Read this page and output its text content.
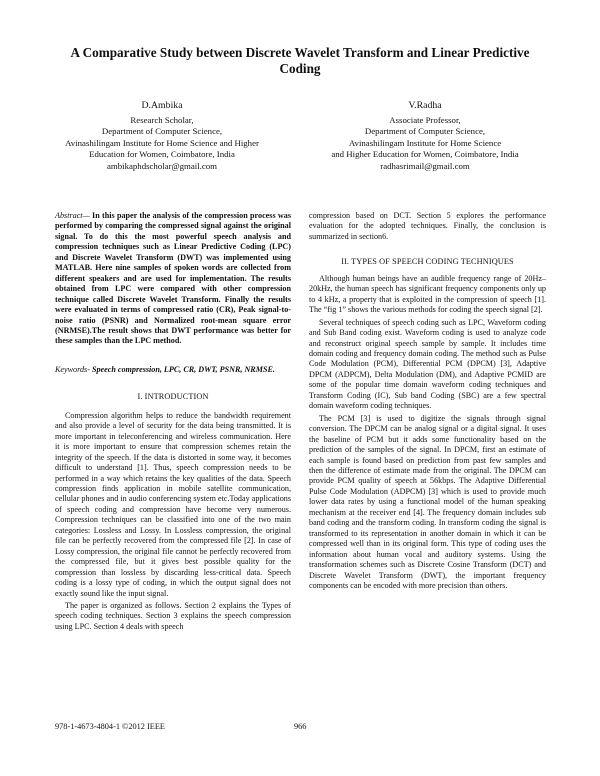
A Comparative Study between Discrete Wavelet Transform and Linear Predictive Coding
D.Ambika
Research Scholar,
Department of Computer Science,
Avinashilingam Institute for Home Science and Higher
Education for Women, Coimbatore, India
ambikaphdscholar@gmail.com
V.Radha
Associate Professor,
Department of Computer Science,
Avinashilingam Institute for Home Science
and Higher Education for Women, Coimbatore, India
radhasrimail@gmail.com

Abstract— In this paper the analysis of the compression process was performed by comparing the compressed signal against the original signal. To do this the most powerful speech analysis and compression techniques such as Linear Predictive Coding (LPC) and Discrete Wavelet Transform (DWT) was implemented using MATLAB. Here nine samples of spoken words are collected from different speakers and are used for implementation. The results obtained from LPC were compared with other compression technique called Discrete Wavelet Transform. Finally the results were evaluated in terms of compressed ratio (CR), Peak signal-to-noise ratio (PSNR) and Normalized root-mean square error (NRMSE).The result shows that DWT performance was better for these samples than the LPC method.

Keywords- Speech compression, LPC, CR, DWT, PSNR, NRMSE.

I. INTRODUCTION

Compression algorithm helps to reduce the bandwidth requirement and also provide a level of security for the data being transmitted. It is more important in teleconferencing and wireless communication. Here it is more important to ensure that compression schemes retain the integrity of the speech. If the data is distorted in some way, it becomes difficult to understand [1]. Thus, speech compression needs to be performed in a way which retains the key qualities of the data. Speech compression finds application in mobile satellite communication, cellular phones and in audio conferencing system etc.Today applications of speech coding and compression have become very numerous. Compression techniques can be classified into one of the two main categories: Lossless and Lossy. In Lossless compression, the original file can be perfectly recovered from the compressed file [2]. In case of Lossy compression, the original file cannot be perfectly recovered from the compressed file, but it gives best possible quality for the compression than lossless by discarding less-critical data. Speech coding is a lossy type of coding, in which the output signal does not exactly sound like the input signal.

The paper is organized as follows. Section 2 explains the Types of speech coding techniques. Section 3 explains the speech compression using LPC. Section 4 deals with speech

compression based on DCT. Section 5 explores the performance evaluation for the adopted techniques. Finally, the conclusion is summarized in section6.

II. TYPES OF SPEECH CODING TECHNIQUES

Although human beings have an audible frequency range of 20Hz–20kHz, the human speech has significant frequency components only up to 4 kHz, a property that is exploited in the compression of speech [1]. The “fig 1” shows the various methods for coding the speech signal [2].

Several techniques of speech coding such as LPC, Waveform coding and Sub Band coding exist. Waveform coding is used to analyze code and reconstruct original speech sample by sample. It includes time domain coding and frequency domain coding. The method such as Pulse Code Modulation (PCM), Differential PCM (DPCM) [3], Adaptive DPCM (ADPCM), Delta Modulation (DM), and Adaptive PCMID are some of the popular time domain waveform coding techniques and Transform Coding (IC), Sub band Coding (SBC) are a few spectral domain waveform coding techniques.

The PCM [3] is used to digitize the signals through signal conversion. The DPCM can be analog signal or a digital signal. It uses the baseline of PCM but it adds some functionality based on the prediction of the samples of the signal. In DPCM, first an estimate of each sample is found based on prediction from past few samples and then the difference of estimate made from the original. The DPCM can provide PCM quality of speech at 56kbps. The Adaptive Differential Pulse Code Modulation (ADPCM) [3] which is used to provide much lower data rates by using a functional model of the human speaking mechanism at the receiver end [4]. The frequency domain includes sub band coding and the transform coding. In transform coding the signal is transformed to its representation in another domain in which it can be compressed well than in its original form. This type of coding uses the information about human vocal and auditory systems. Using the transformation schemes such as Discrete Cosine Transform (DCT) and Discrete Wavelet Transform (DWT), the important frequency components can be encoded with more precision than others.

978-1-4673-4804-1 ©2012 IEEE	966
